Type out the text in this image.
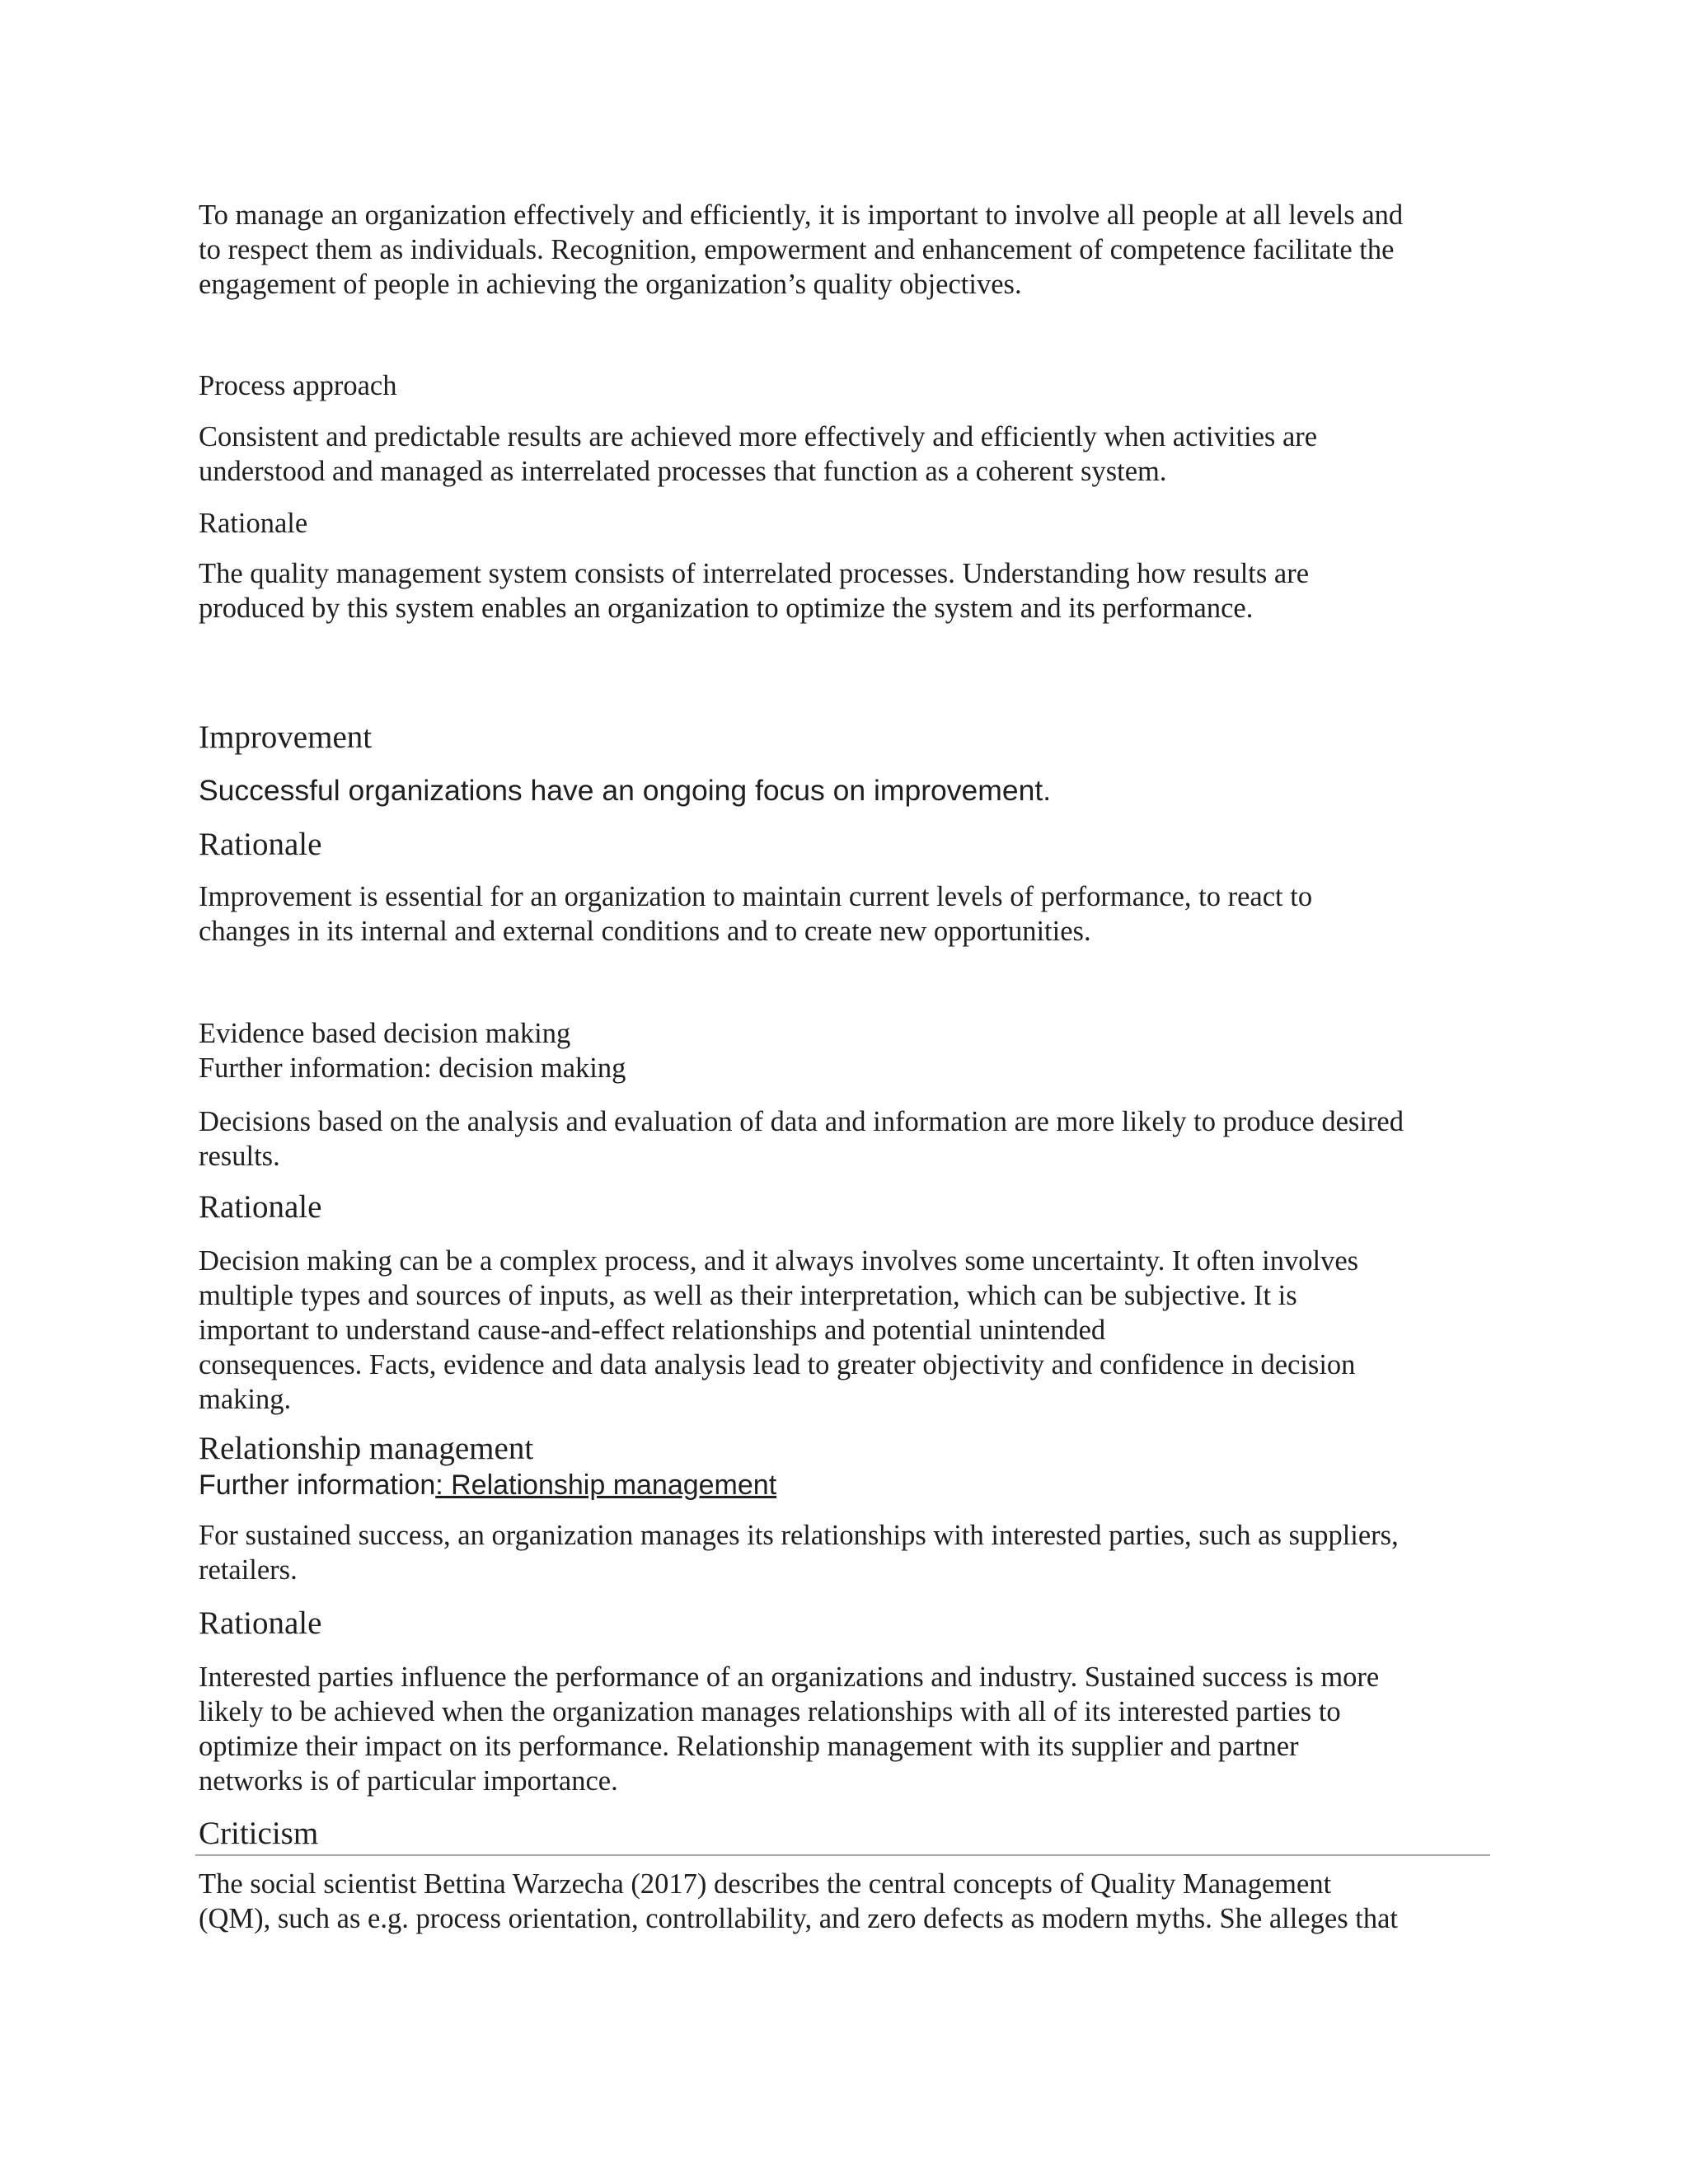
To manage an organization effectively and efficiently, it is important to involve all people at all levels and
to respect them as individuals. Recognition, empowerment and enhancement of competence facilitate the
engagement of people in achieving the organization’s quality objectives.

Process approach

Consistent and predictable results are achieved more effectively and efficiently when activities are
understood and managed as interrelated processes that function as a coherent system.

Rationale

The quality management system consists of interrelated processes. Understanding how results are
produced by this system enables an organization to optimize the system and its performance.

Improvement

Successful organizations have an ongoing focus on improvement.

Rationale

Improvement is essential for an organization to maintain current levels of performance, to react to
changes in its internal and external conditions and to create new opportunities.

Evidence based decision making
Further information: decision making

Decisions based on the analysis and evaluation of data and information are more likely to produce desired
results.

Rationale

Decision making can be a complex process, and it always involves some uncertainty. It often involves
multiple types and sources of inputs, as well as their interpretation, which can be subjective. It is
important to understand cause-and-effect relationships and potential unintended
consequences. Facts, evidence and data analysis lead to greater objectivity and confidence in decision
making.

Relationship management

Further information: Relationship management

For sustained success, an organization manages its relationships with interested parties, such as suppliers,
retailers.

Rationale

Interested parties influence the performance of an organizations and industry. Sustained success is more
likely to be achieved when the organization manages relationships with all of its interested parties to
optimize their impact on its performance. Relationship management with its supplier and partner
networks is of particular importance.

Criticism

The social scientist Bettina Warzecha (2017) describes the central concepts of Quality Management
(QM), such as e.g. process orientation, controllability, and zero defects as modern myths. She alleges that
